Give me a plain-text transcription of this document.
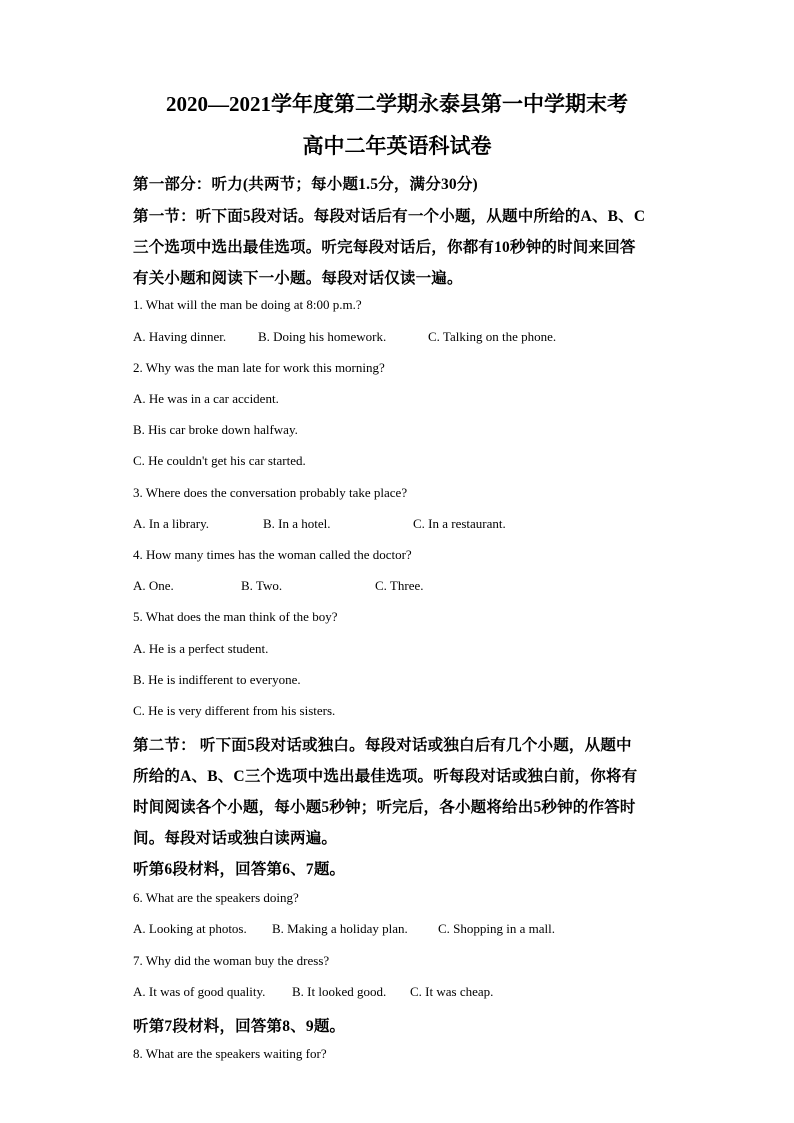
2020—2021学年度第二学期永泰县第一中学期末考
高中二年英语科试卷
第一部分：听力(共两节；每小题1.5分，满分30分)
第一节：听下面5段对话。每段对话后有一个小题，从题中所给的A、B、C
三个选项中选出最佳选项。听完每段对话后，你都有10秒钟的时间来回答
有关小题和阅读下一小题。每段对话仅读一遍。
1. What will the man be doing at 8:00 p.m.?
A. Having dinner. B. Doing his homework.	C. Talking on the phone.
2. Why was the man late for work this morning?
A. He was in a car accident.
B. His car broke down halfway.
C. He couldn't get his car started.
3. Where does the conversation probably take place?
A. In a library.	B. In a hotel.	C. In a restaurant.
4. How many times has the woman called the doctor?
A. One.	B. Two.	C. Three.
5. What does the man think of the boy?
A. He is a perfect student.
B. He is indifferent to everyone.
C. He is very different from his sisters.
第二节： 听下面5段对话或独白。每段对话或独白后有几个小题，从题中
所给的A、B、C三个选项中选出最佳选项。听每段对话或独白前，你将有
时间阅读各个小题，每小题5秒钟；听完后，各小题将给出5秒钟的作答时
间。每段对话或独白读两遍。
听第6段材料，回答第6、7题。
6. What are the speakers doing?
A. Looking at photos. B. Making a holiday plan. C. Shopping in a mall.
7. Why did the woman buy the dress?
A. It was of good quality. B. It looked good. C. It was cheap.
听第7段材料，回答第8、9题。
8. What are the speakers waiting for?
